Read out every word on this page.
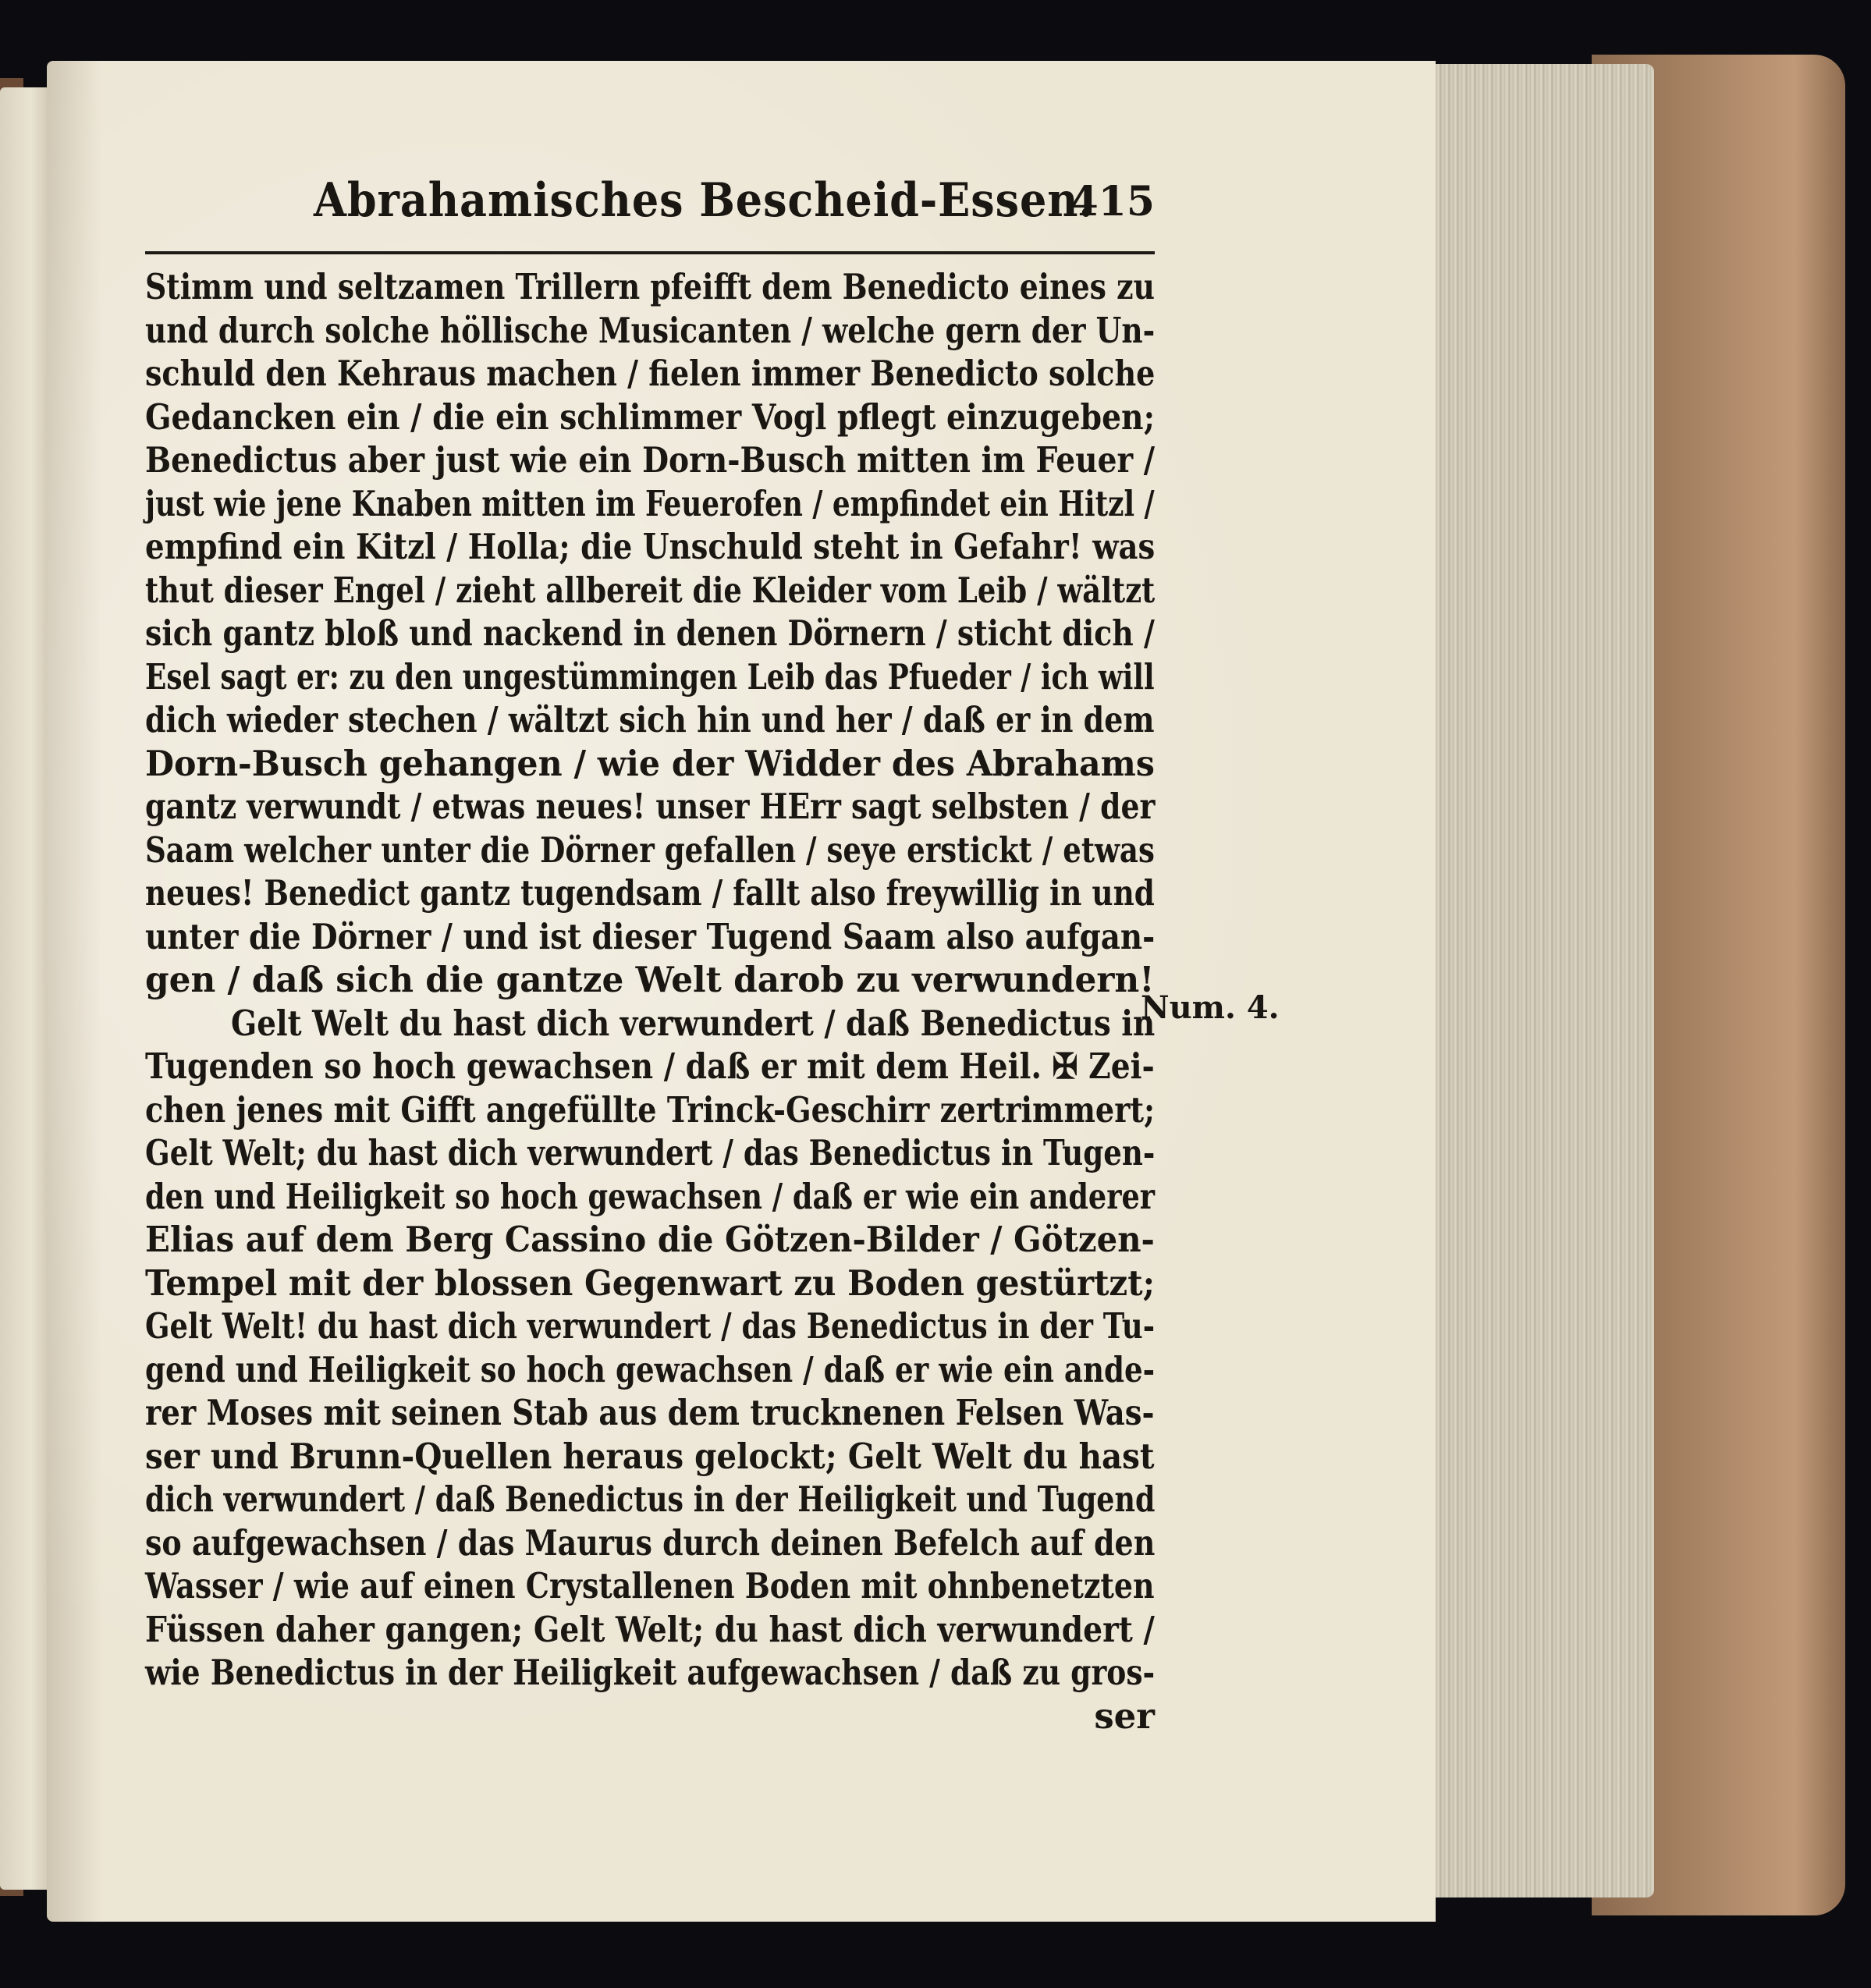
Abrahamisches Bescheid-Essen.
415
Stimm und seltzamen Trillern pfeifft dem Benedicto eines zu
und durch solche höllische Musicanten / welche gern der Un-
schuld den Kehraus machen / fielen immer Benedicto solche
Gedancken ein / die ein schlimmer Vogl pflegt einzugeben;
Benedictus aber just wie ein Dorn-Busch mitten im Feuer /
just wie jene Knaben mitten im Feuerofen / empfindet ein Hitzl /
empfind ein Kitzl / Holla; die Unschuld steht in Gefahr! was
thut dieser Engel / zieht allbereit die Kleider vom Leib / wältzt
sich gantz bloß und nackend in denen Dörnern / sticht dich /
Esel sagt er: zu den ungestümmingen Leib das Pfueder / ich will
dich wieder stechen / wältzt sich hin und her / daß er in dem
Dorn-Busch gehangen / wie der Widder des Abrahams
gantz verwundt / etwas neues! unser HErr sagt selbsten / der
Saam welcher unter die Dörner gefallen / seye erstickt / etwas
neues! Benedict gantz tugendsam / fallt also freywillig in und
unter die Dörner / und ist dieser Tugend Saam also aufgan-
gen / daß sich die gantze Welt darob zu verwundern!
Gelt Welt du hast dich verwundert / daß Benedictus in
Tugenden so hoch gewachsen / daß er mit dem Heil. ✠ Zei-
chen jenes mit Gifft angefüllte Trinck-Geschirr zertrimmert;
Gelt Welt; du hast dich verwundert / das Benedictus in Tugen-
den und Heiligkeit so hoch gewachsen / daß er wie ein anderer
Elias auf dem Berg Cassino die Götzen-Bilder / Götzen-
Tempel mit der blossen Gegenwart zu Boden gestürtzt;
Gelt Welt! du hast dich verwundert / das Benedictus in der Tu-
gend und Heiligkeit so hoch gewachsen / daß er wie ein ande-
rer Moses mit seinen Stab aus dem trucknenen Felsen Was-
ser und Brunn-Quellen heraus gelockt; Gelt Welt du hast
dich verwundert / daß Benedictus in der Heiligkeit und Tugend
so aufgewachsen / das Maurus durch deinen Befelch auf den
Wasser / wie auf einen Crystallenen Boden mit ohnbenetzten
Füssen daher gangen; Gelt Welt; du hast dich verwundert /
wie Benedictus in der Heiligkeit aufgewachsen / daß zu gros-
ser
Num. 4.
